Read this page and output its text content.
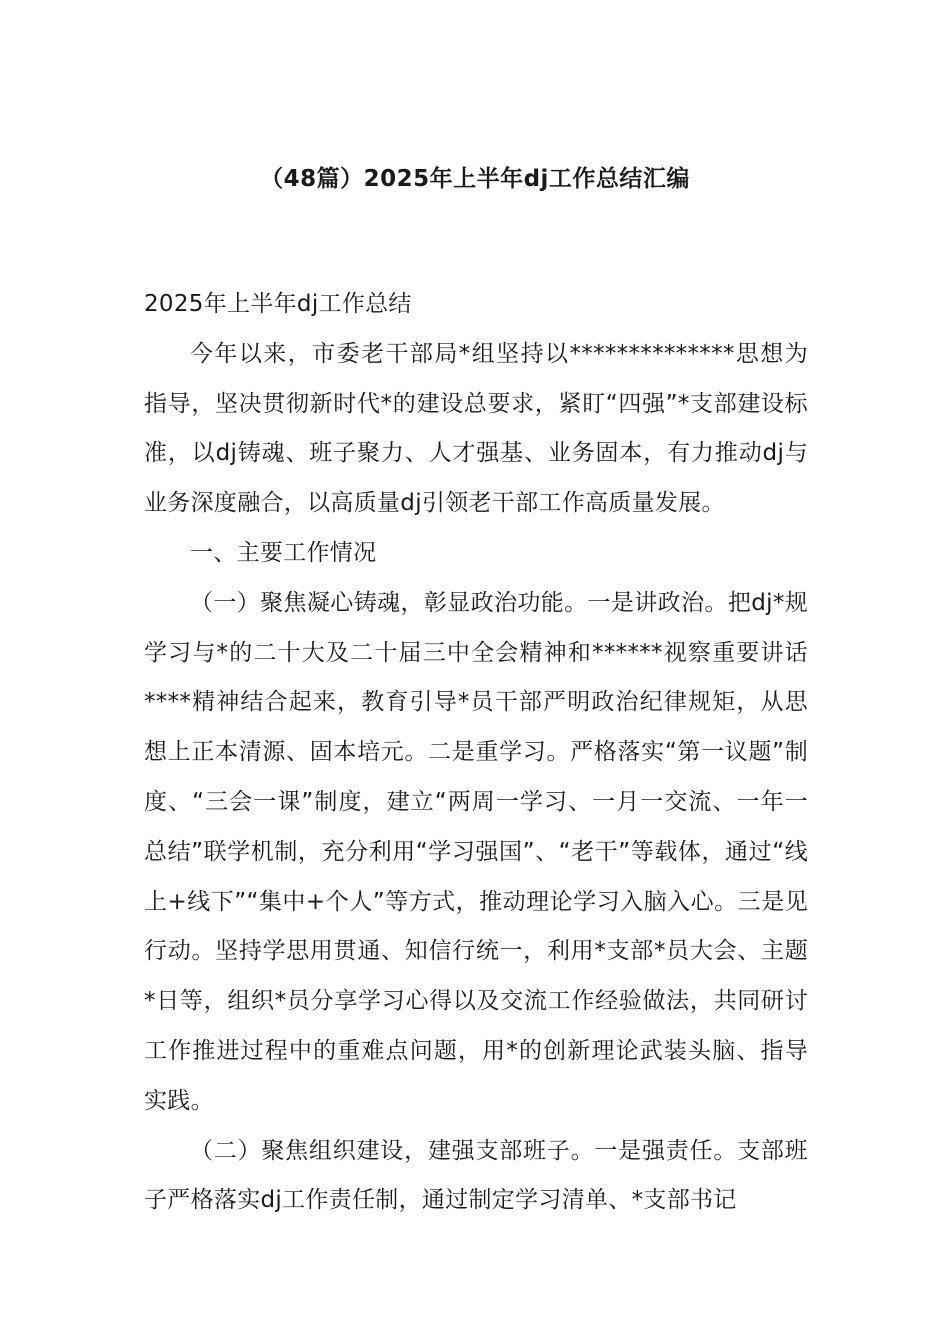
（48篇）2025年上半年dj工作总结汇编

2025年上半年dj工作总结

今年以来，市委老干部局*组坚持以**************思想为指导，坚决贯彻新时代*的建设总要求，紧盯“四强”*支部建设标准，以dj铸魂、班子聚力、人才强基、业务固本，有力推动dj与业务深度融合，以高质量dj引领老干部工作高质量发展。

一、主要工作情况

（一）聚焦凝心铸魂，彰显政治功能。一是讲政治。把dj*规学习与*的二十大及二十届三中全会精神和******视察重要讲话****精神结合起来，教育引导*员干部严明政治纪律规矩，从思想上正本清源、固本培元。二是重学习。严格落实“第一议题”制度、“三会一课”制度，建立“两周一学习、一月一交流、一年一总结”联学机制，充分利用“学习强国”、“老干”等载体，通过“线上+线下”“集中+个人”等方式，推动理论学习入脑入心。三是见行动。坚持学思用贯通、知信行统一，利用*支部*员大会、主题*日等，组织*员分享学习心得以及交流工作经验做法，共同研讨工作推进过程中的重难点问题，用*的创新理论武装头脑、指导实践。

（二）聚焦组织建设，建强支部班子。一是强责任。支部班子严格落实dj工作责任制，通过制定学习清单、*支部书记
